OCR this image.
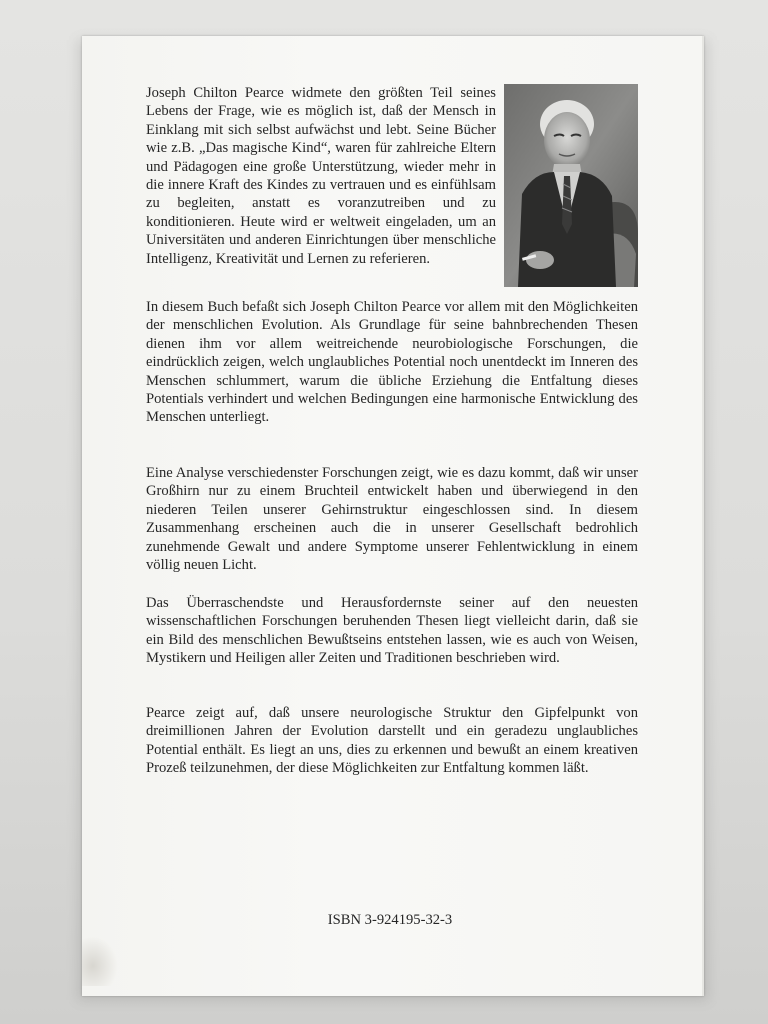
Joseph Chilton Pearce widmete den größten Teil seines Lebens der Frage, wie es möglich ist, daß der Mensch in Einklang mit sich selbst aufwächst und lebt. Seine Bücher wie z.B. „Das magische Kind“, waren für zahlreiche Eltern und Pädagogen eine große Unterstützung, wieder mehr in die innere Kraft des Kindes zu vertrauen und es einfühlsam zu begleiten, anstatt es voranzutreiben und zu konditionieren. Heute wird er weltweit eingeladen, um an Universitäten und anderen Einrichtungen über menschliche Intelligenz, Kreativität und Lernen zu referieren.

In diesem Buch befaßt sich Joseph Chilton Pearce vor allem mit den Möglichkeiten der menschlichen Evolution. Als Grundlage für seine bahnbrechenden Thesen dienen ihm vor allem weitreichende neurobiologische Forschungen, die eindrücklich zeigen, welch unglaubliches Potential noch unentdeckt im Inneren des Menschen schlummert, warum die übliche Erziehung die Entfaltung dieses Potentials verhindert und welchen Bedingungen eine harmonische Entwicklung des Menschen unterliegt.

Eine Analyse verschiedenster Forschungen zeigt, wie es dazu kommt, daß wir unser Großhirn nur zu einem Bruchteil entwickelt haben und überwiegend in den niederen Teilen unserer Gehirnstruktur eingeschlossen sind. In diesem Zusammenhang erscheinen auch die in unserer Gesellschaft bedrohlich zunehmende Gewalt und andere Symptome unserer Fehlentwicklung in einem völlig neuen Licht.

Das Überraschendste und Herausfordernste seiner auf den neuesten wissenschaftlichen Forschungen beruhenden Thesen liegt vielleicht darin, daß sie ein Bild des menschlichen Bewußtseins entstehen lassen, wie es auch von Weisen, Mystikern und Heiligen aller Zeiten und Traditionen beschrieben wird.

Pearce zeigt auf, daß unsere neurologische Struktur den Gipfelpunkt von dreimillionen Jahren der Evolution darstellt und ein geradezu unglaubliches Potential enthält. Es liegt an uns, dies zu erkennen und bewußt an einem kreativen Prozeß teilzunehmen, der diese Möglichkeiten zur Entfaltung kommen läßt.

ISBN 3-924195-32-3
